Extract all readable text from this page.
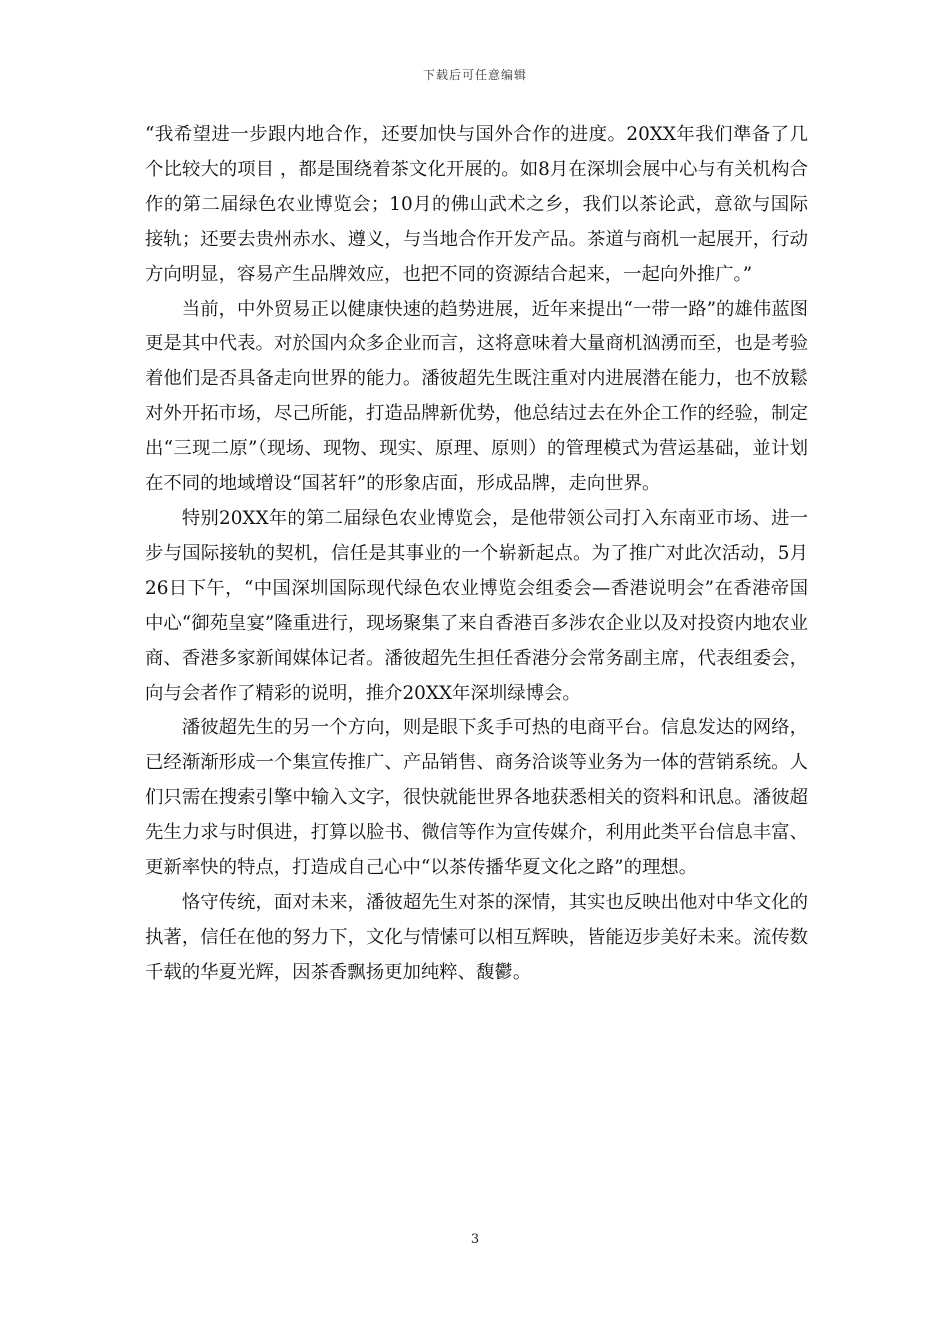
下载后可任意编辑

“我希望进一步跟内地合作，还要加快与国外合作的进度。20XX年我们準备了几个比较大的项目 ，都是围绕着茶文化开展的。如8月在深圳会展中心与有关机构合作的第二届绿色农业博览会；10月的佛山武术之乡，我们以茶论武，意欲与国际接轨；还要去贵州赤水、遵义，与当地合作开发产品。茶道与商机一起展开，行动方向明显，容易产生品牌效应，也把不同的资源结合起来，一起向外推广。”

当前，中外贸易正以健康快速的趋势进展，近年来提出“一带一路”的雄伟蓝图更是其中代表。对於国内众多企业而言，这将意味着大量商机汹湧而至，也是考验着他们是否具备走向世界的能力。潘彼超先生既注重对内进展潜在能力，也不放鬆对外开拓市场，尽己所能，打造品牌新优势，他总结过去在外企工作的经验，制定出“三现二原”（现场、现物、现实、原理、原则）的管理模式为营运基础，並计划在不同的地域增设“国茗轩”的形象店面，形成品牌，走向世界。

特别20XX年的第二届绿色农业博览会，是他带领公司打入东南亚市场、进一步与国际接轨的契机，信任是其事业的一个崭新起点。为了推广对此次活动，5月26日下午，“中国深圳国际现代绿色农业博览会组委会—香港说明会”在香港帝国中心“御苑皇宴”隆重进行，现场聚集了来自香港百多涉农企业以及对投资内地农业商、香港多家新闻媒体记者。潘彼超先生担任香港分会常务副主席，代表组委会，向与会者作了精彩的说明，推介20XX年深圳绿博会。

潘彼超先生的另一个方向，则是眼下炙手可热的电商平台。信息发达的网络，已经渐渐形成一个集宣传推广、产品销售、商务洽谈等业务为一体的营销系统。人们只需在搜索引擎中输入文字，很快就能世界各地获悉相关的资料和讯息。潘彼超先生力求与时俱进，打算以脸书、微信等作为宣传媒介，利用此类平台信息丰富、更新率快的特点，打造成自己心中“以茶传播华夏文化之路”的理想。

恪守传统，面对未来，潘彼超先生对茶的深情，其实也反映出他对中华文化的执著，信任在他的努力下，文化与情愫可以相互辉映，皆能迈步美好未来。流传数千载的华夏光辉，因茶香飘扬更加纯粹、馥鬱。

3
